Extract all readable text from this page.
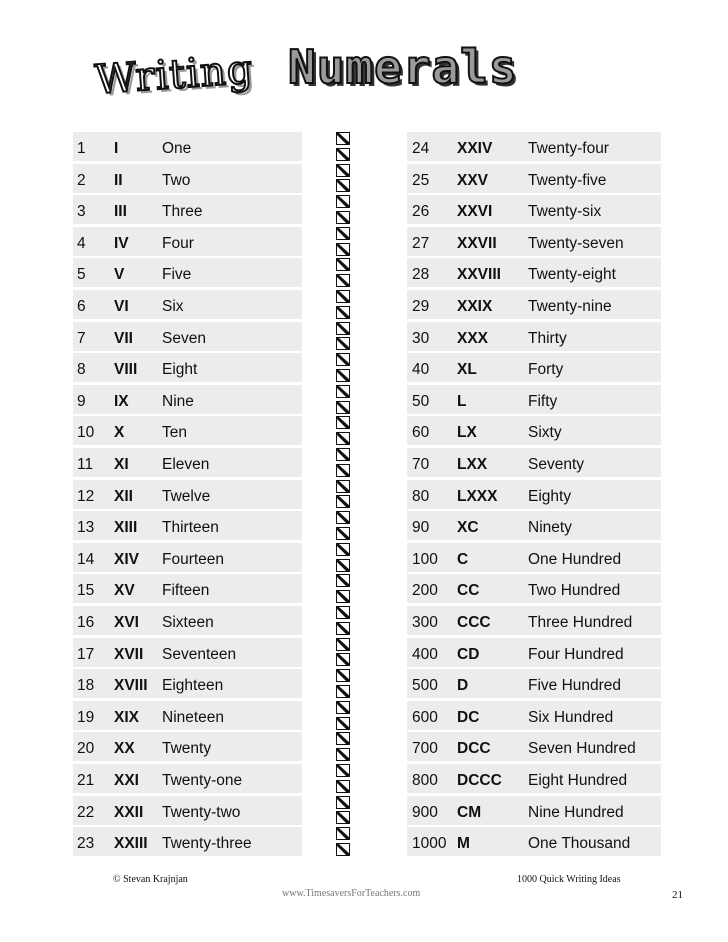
Writing Numerals
1 I	One	24 XXIV Twenty-four
2 II	Two	25 XXV	Twenty-five
3 III Three	26 XXVI Twenty-six
4 IV Four	27 XXVII Twenty-seven
5 V Five	28 XXVIII Twenty-eight
6 VI Six	29 XXIX Twenty-nine
7 VII Seven	30 XXX	Thirty
8 VIII Eight	40 XL	Forty
9 IX Nine	50 L	Fifty
10 X Ten	60 LX	Sixty
11 XI Eleven	70 LXX	Seventy
12 XII Twelve	80 LXXX Eighty
13 XIII Thirteen	90 XC	Ninety
14 XIV Fourteen	100 C	One Hundred
15 XV Fifteen	200 CC	Two Hundred
16 XVI Sixteen	300 CCC Three Hundred
17 XVII Seventeen	400 CD	Four Hundred
18 XVIII Eighteen	500 D	Five Hundred
19 XIX Nineteen	600 DC	Six Hundred
20 XX Twenty	700 DCC Seven Hundred
21 XXI Twenty-one	800 DCCC Eight Hundred
22 XXII Twenty-two	900 CM	Nine Hundred
23 XXIII Twenty-three	1000 M	One Thousand
© Stevan Krajnjan
www.TimesaversForTeachers.com
1000 Quick Writing Ideas
21
